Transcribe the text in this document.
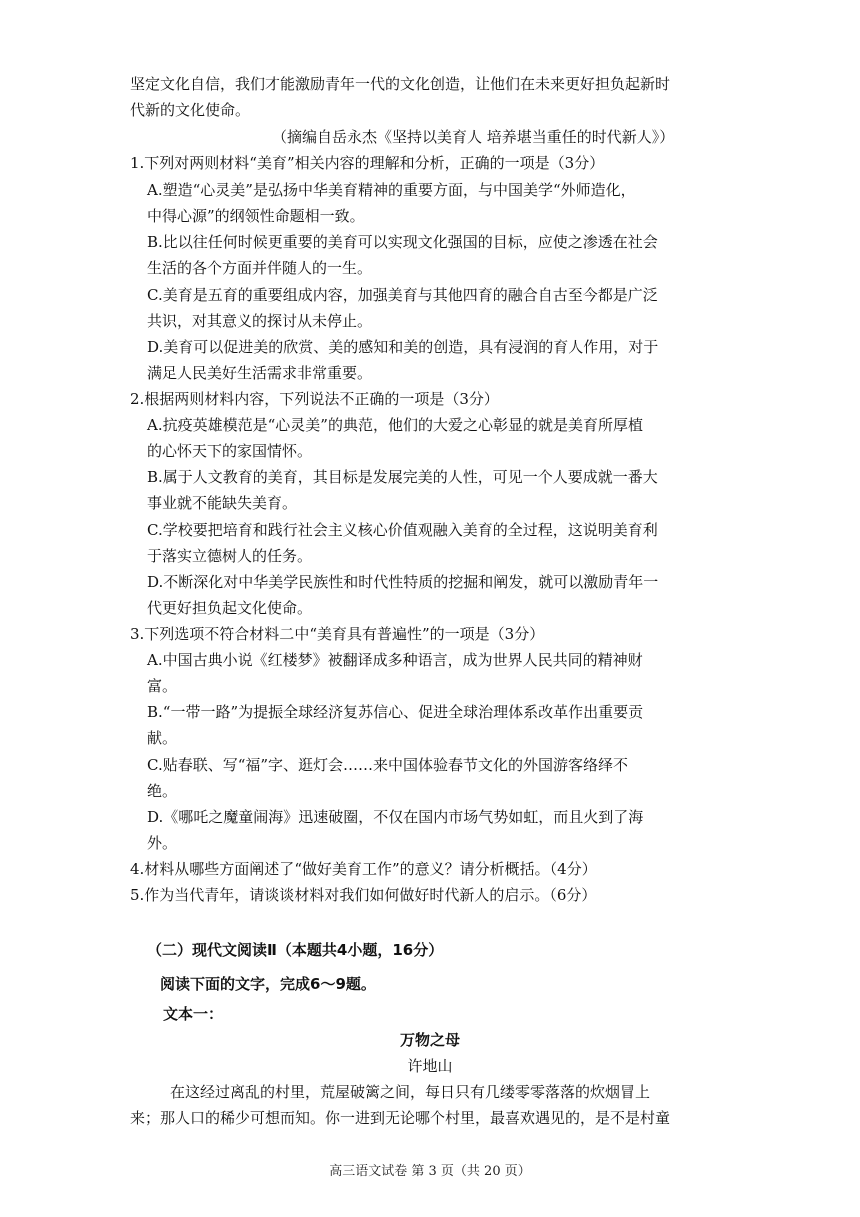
坚定文化自信，我们才能激励青年一代的文化创造，让他们在未来更好担负起新时
代新的文化使命。
（摘编自岳永杰《坚持以美育人 培养堪当重任的时代新人》）
1.下列对两则材料“美育”相关内容的理解和分析，正确的一项是（3分）
A.塑造“心灵美”是弘扬中华美育精神的重要方面，与中国美学“外师造化，
中得心源”的纲领性命题相一致。
B.比以往任何时候更重要的美育可以实现文化强国的目标，应使之渗透在社会
生活的各个方面并伴随人的一生。
C.美育是五育的重要组成内容，加强美育与其他四育的融合自古至今都是广泛
共识，对其意义的探讨从未停止。
D.美育可以促进美的欣赏、美的感知和美的创造，具有浸润的育人作用，对于
满足人民美好生活需求非常重要。
2.根据两则材料内容，下列说法不正确的一项是（3分）
A.抗疫英雄模范是“心灵美”的典范，他们的大爱之心彰显的就是美育所厚植
的心怀天下的家国情怀。
B.属于人文教育的美育，其目标是发展完美的人性，可见一个人要成就一番大
事业就不能缺失美育。
C.学校要把培育和践行社会主义核心价值观融入美育的全过程，这说明美育利
于落实立德树人的任务。
D.不断深化对中华美学民族性和时代性特质的挖掘和阐发，就可以激励青年一
代更好担负起文化使命。
3.下列选项不符合材料二中“美育具有普遍性”的一项是（3分）
A.中国古典小说《红楼梦》被翻译成多种语言，成为世界人民共同的精神财
富。
B.“一带一路”为提振全球经济复苏信心、促进全球治理体系改革作出重要贡
献。
C.贴春联、写“福”字、逛灯会……来中国体验春节文化的外国游客络绎不
绝。
D.《哪吒之魔童闹海》迅速破圈，不仅在国内市场气势如虹，而且火到了海
外。
4.材料从哪些方面阐述了“做好美育工作”的意义？请分析概括。（4分）
5.作为当代青年，请谈谈材料对我们如何做好时代新人的启示。（6分）
（二）现代文阅读Ⅱ（本题共4小题，16分）
阅读下面的文字，完成6～9题。
文本一：
万物之母
许地山
在这经过离乱的村里，荒屋破篱之间，每日只有几缕零零落落的炊烟冒上
来；那人口的稀少可想而知。你一进到无论哪个村里，最喜欢遇见的，是不是村童
高三语文试卷 第 3 页（共 20 页）
